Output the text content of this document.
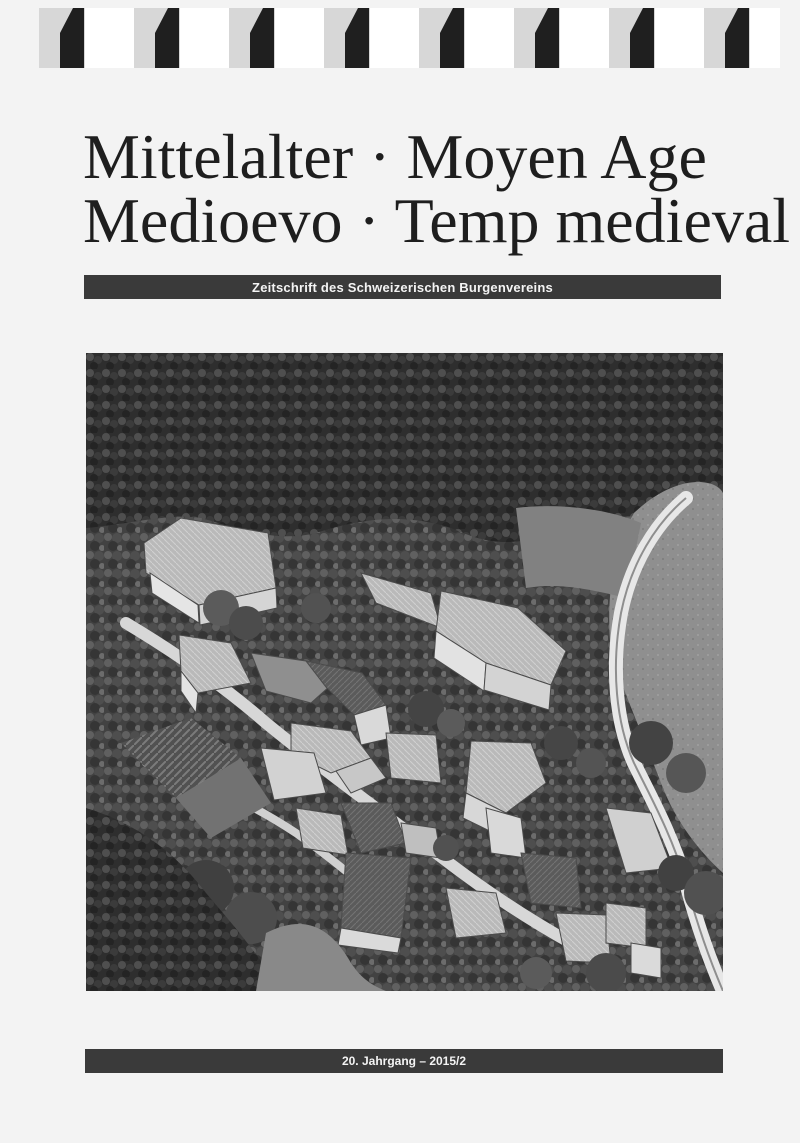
Mittelalter · Moyen Age
Medioevo · Temp medieval
Zeitschrift des Schweizerischen Burgenvereins
20. Jahrgang – 2015/2
